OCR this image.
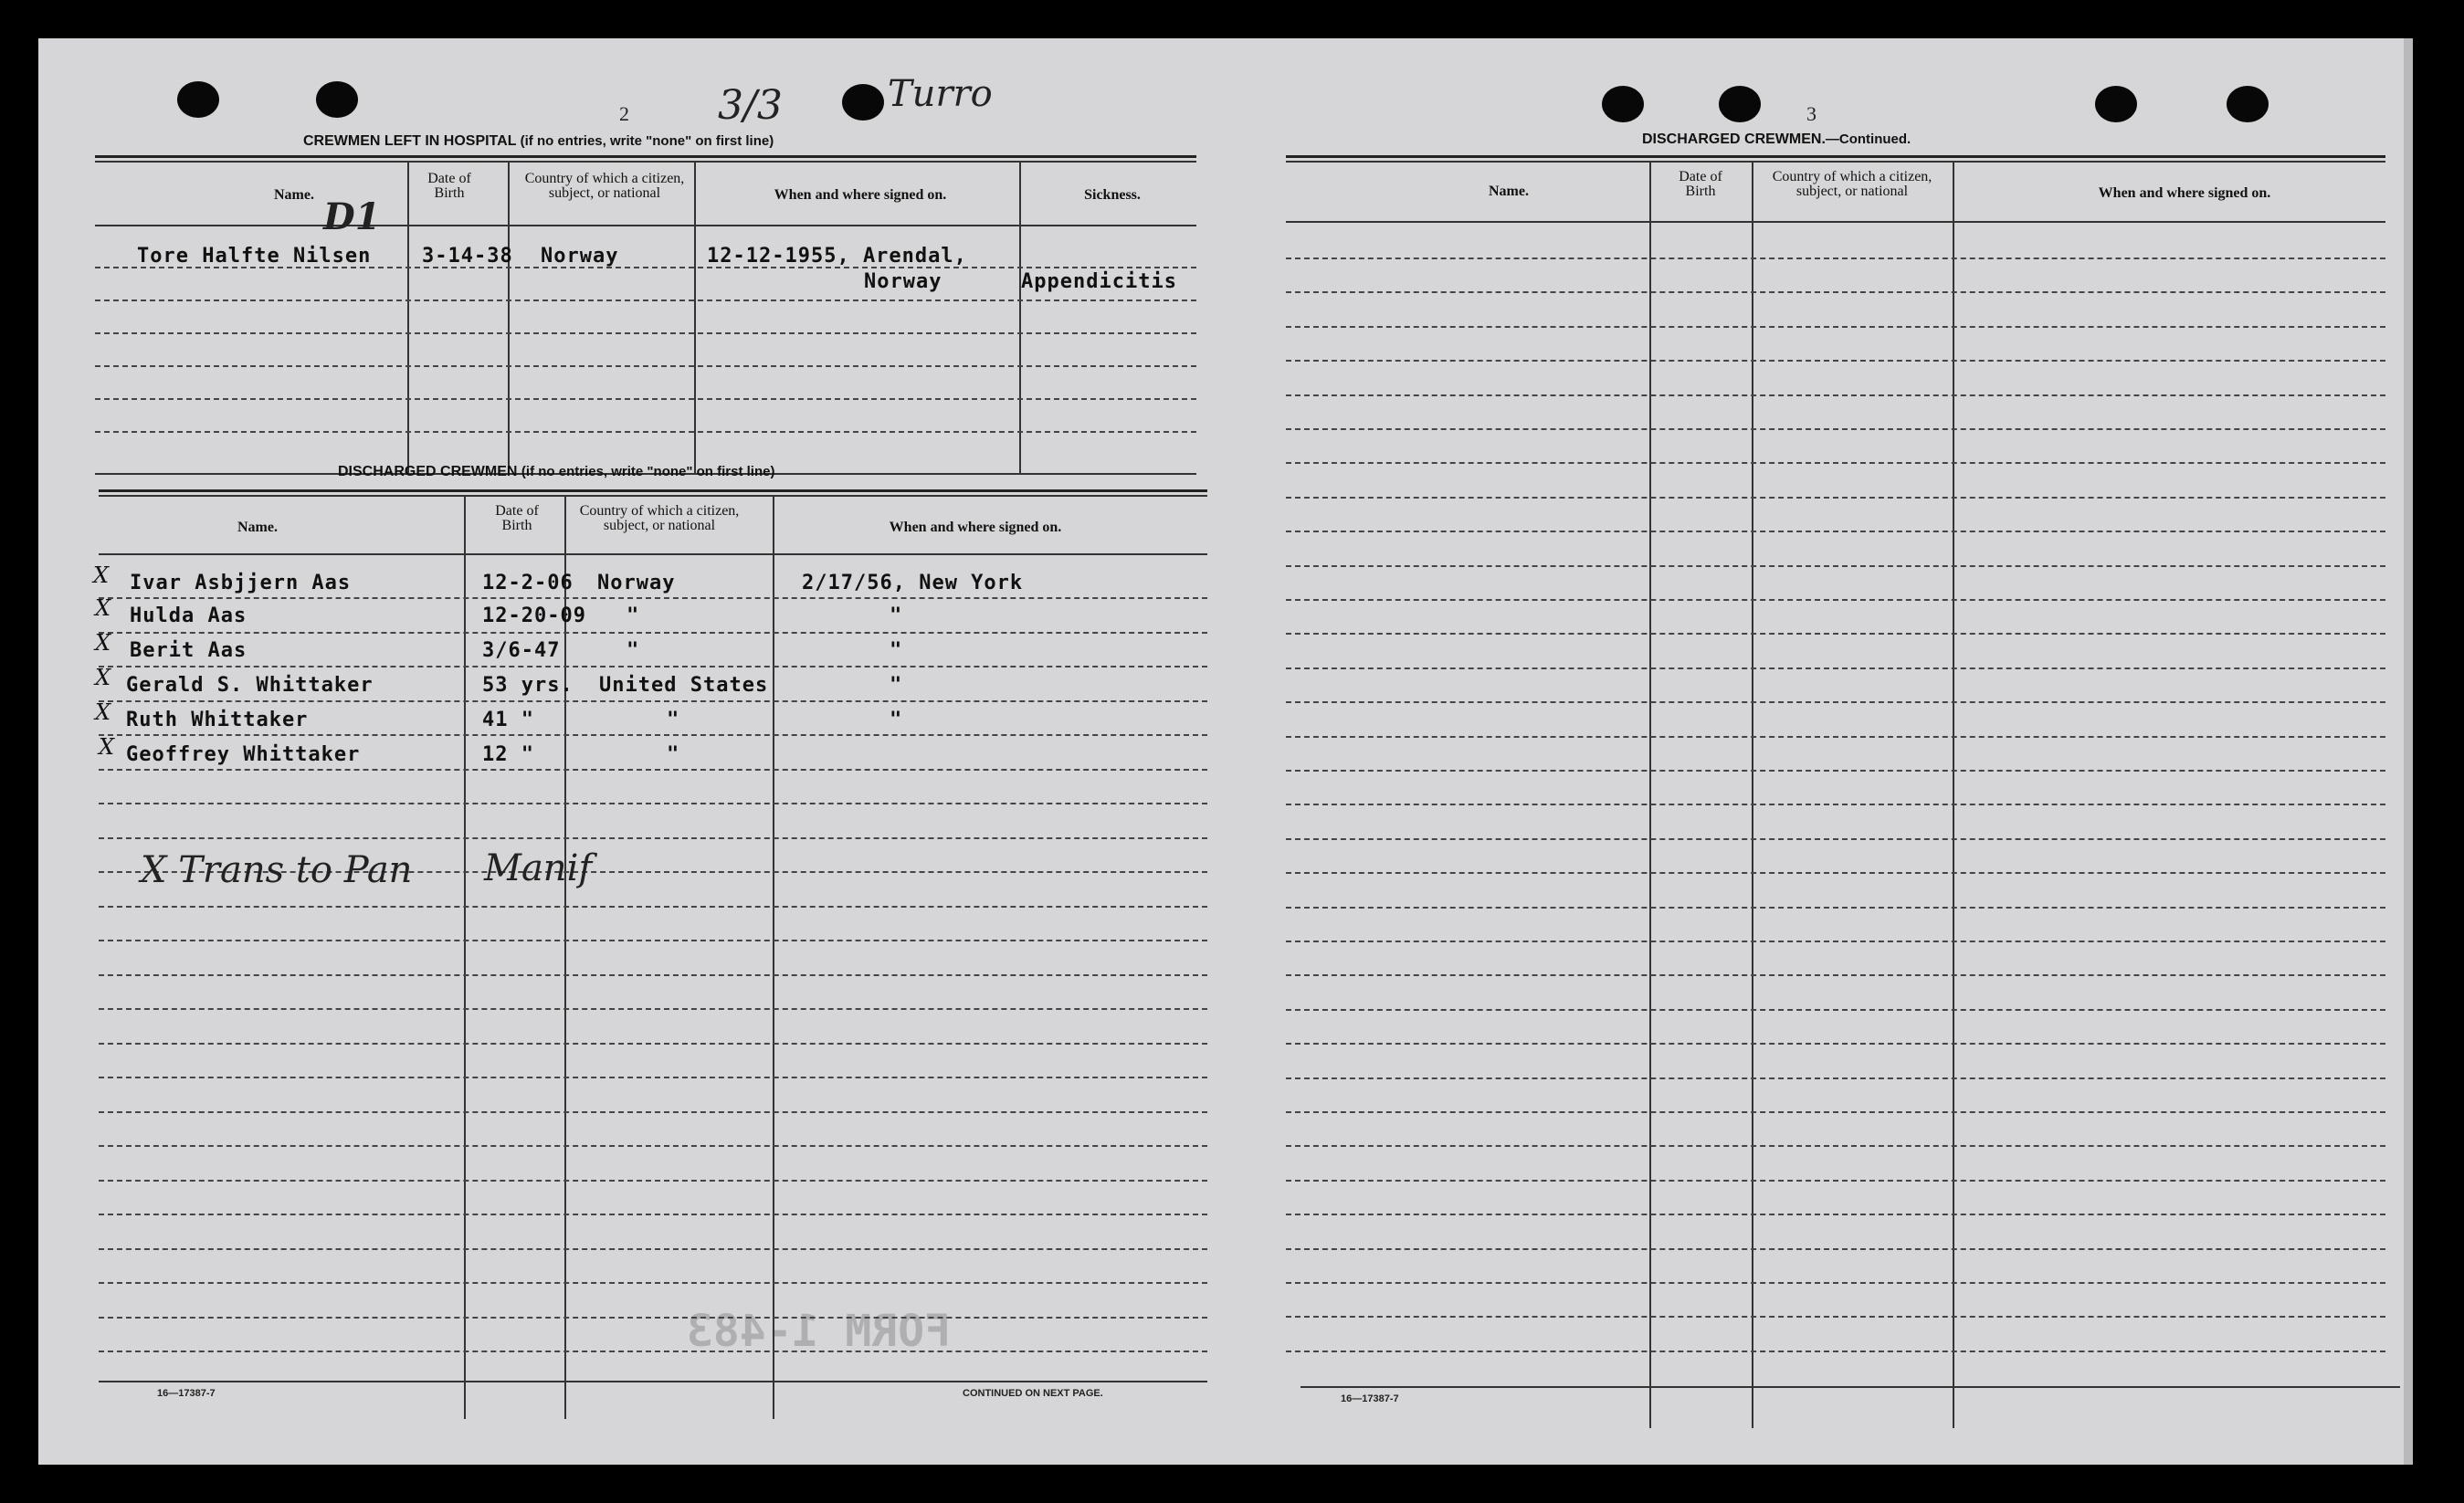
2 3/3	Turro
CREWMEN LEFT IN HOSPITAL (if no entries, write "none" on first line)
Name.
Date of Birth
Country of which a citizen, subject, or national	When and where signed on.	Sickness.
D1
Tore Halfte Nilsen	3-14-38 Norway	12-12-1955, Arendal,
Norway	Appendicitis
DISCHARGED CREWMEN (if no entries, write "none" on first line)
Name.
Date of Birth
Country of which a citizen, subject, or national	When and where signed on.
X Ivar Asbjjern Aas	12-2-06 Norway	2/17/56, New York
X Hulda Aas	12-20-09 "	"
X Berit Aas	3/6-47	"	"
X Gerald S. Whittaker	53 yrs. United States	"
X Ruth Whittaker	41 "	"	"
X Geoffrey Whittaker	12 "	"
X Trans to Pan Manif
FORM 1-483
16—17387-7	CONTINUED ON NEXT PAGE.
3
DISCHARGED CREWMEN.—Continued.
Name.
Date of Birth
Country of which a citizen, subject, or national	When and where signed on.
16—17387-7
